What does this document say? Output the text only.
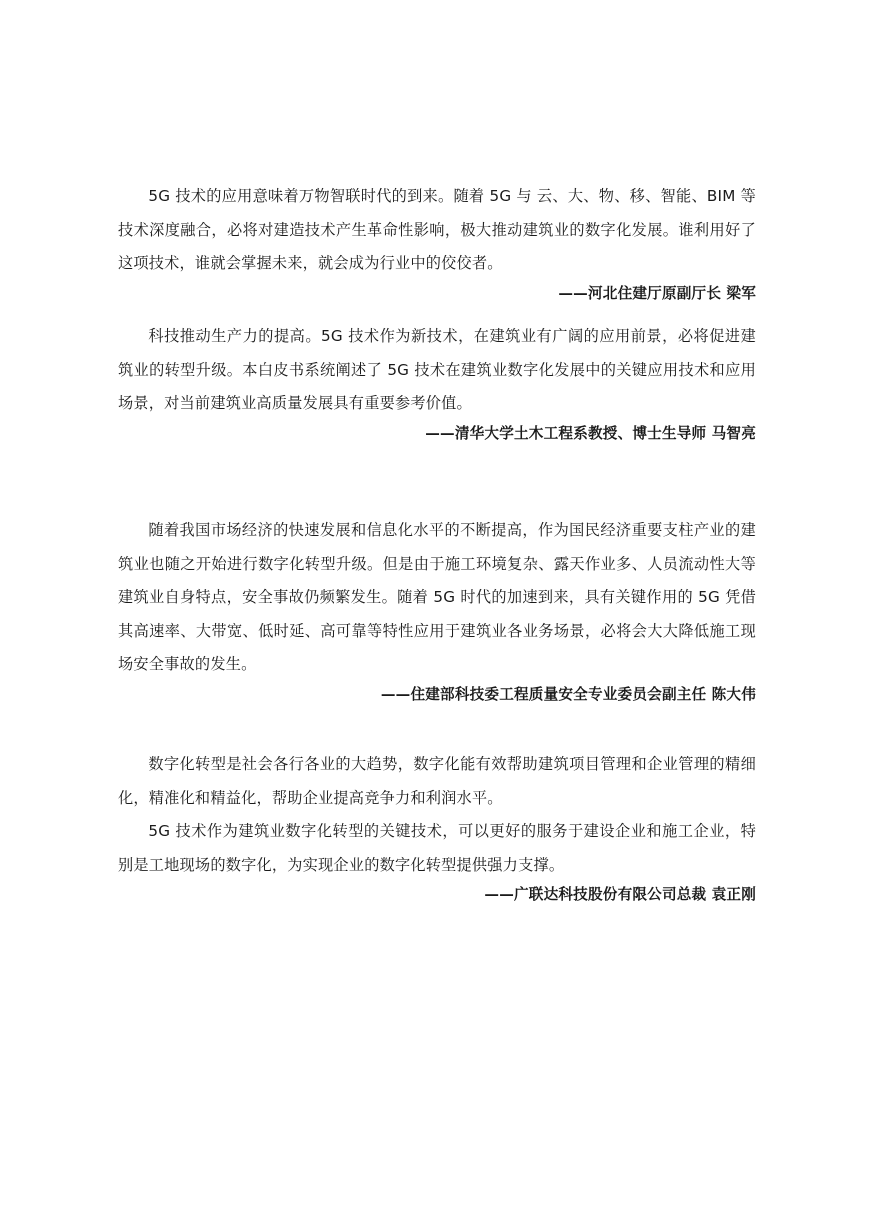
5G 技术的应用意味着万物智联时代的到来。随着 5G 与 云、大、物、移、智能、BIM 等技术深度融合，必将对建造技术产生革命性影响，极大推动建筑业的数字化发展。谁利用好了这项技术，谁就会掌握未来，就会成为行业中的佼佼者。

——河北住建厅原副厅长 梁军

科技推动生产力的提高。5G 技术作为新技术，在建筑业有广阔的应用前景，必将促进建筑业的转型升级。本白皮书系统阐述了 5G 技术在建筑业数字化发展中的关键应用技术和应用场景，对当前建筑业高质量发展具有重要参考价值。

——清华大学土木工程系教授、博士生导师 马智亮

随着我国市场经济的快速发展和信息化水平的不断提高，作为国民经济重要支柱产业的建筑业也随之开始进行数字化转型升级。但是由于施工环境复杂、露天作业多、人员流动性大等建筑业自身特点，安全事故仍频繁发生。随着 5G 时代的加速到来，具有关键作用的 5G 凭借其高速率、大带宽、低时延、高可靠等特性应用于建筑业各业务场景，必将会大大降低施工现场安全事故的发生。

——住建部科技委工程质量安全专业委员会副主任 陈大伟

数字化转型是社会各行各业的大趋势，数字化能有效帮助建筑项目管理和企业管理的精细化，精准化和精益化，帮助企业提高竞争力和利润水平。

5G 技术作为建筑业数字化转型的关键技术，可以更好的服务于建设企业和施工企业，特别是工地现场的数字化，为实现企业的数字化转型提供强力支撑。

——广联达科技股份有限公司总裁 袁正刚
